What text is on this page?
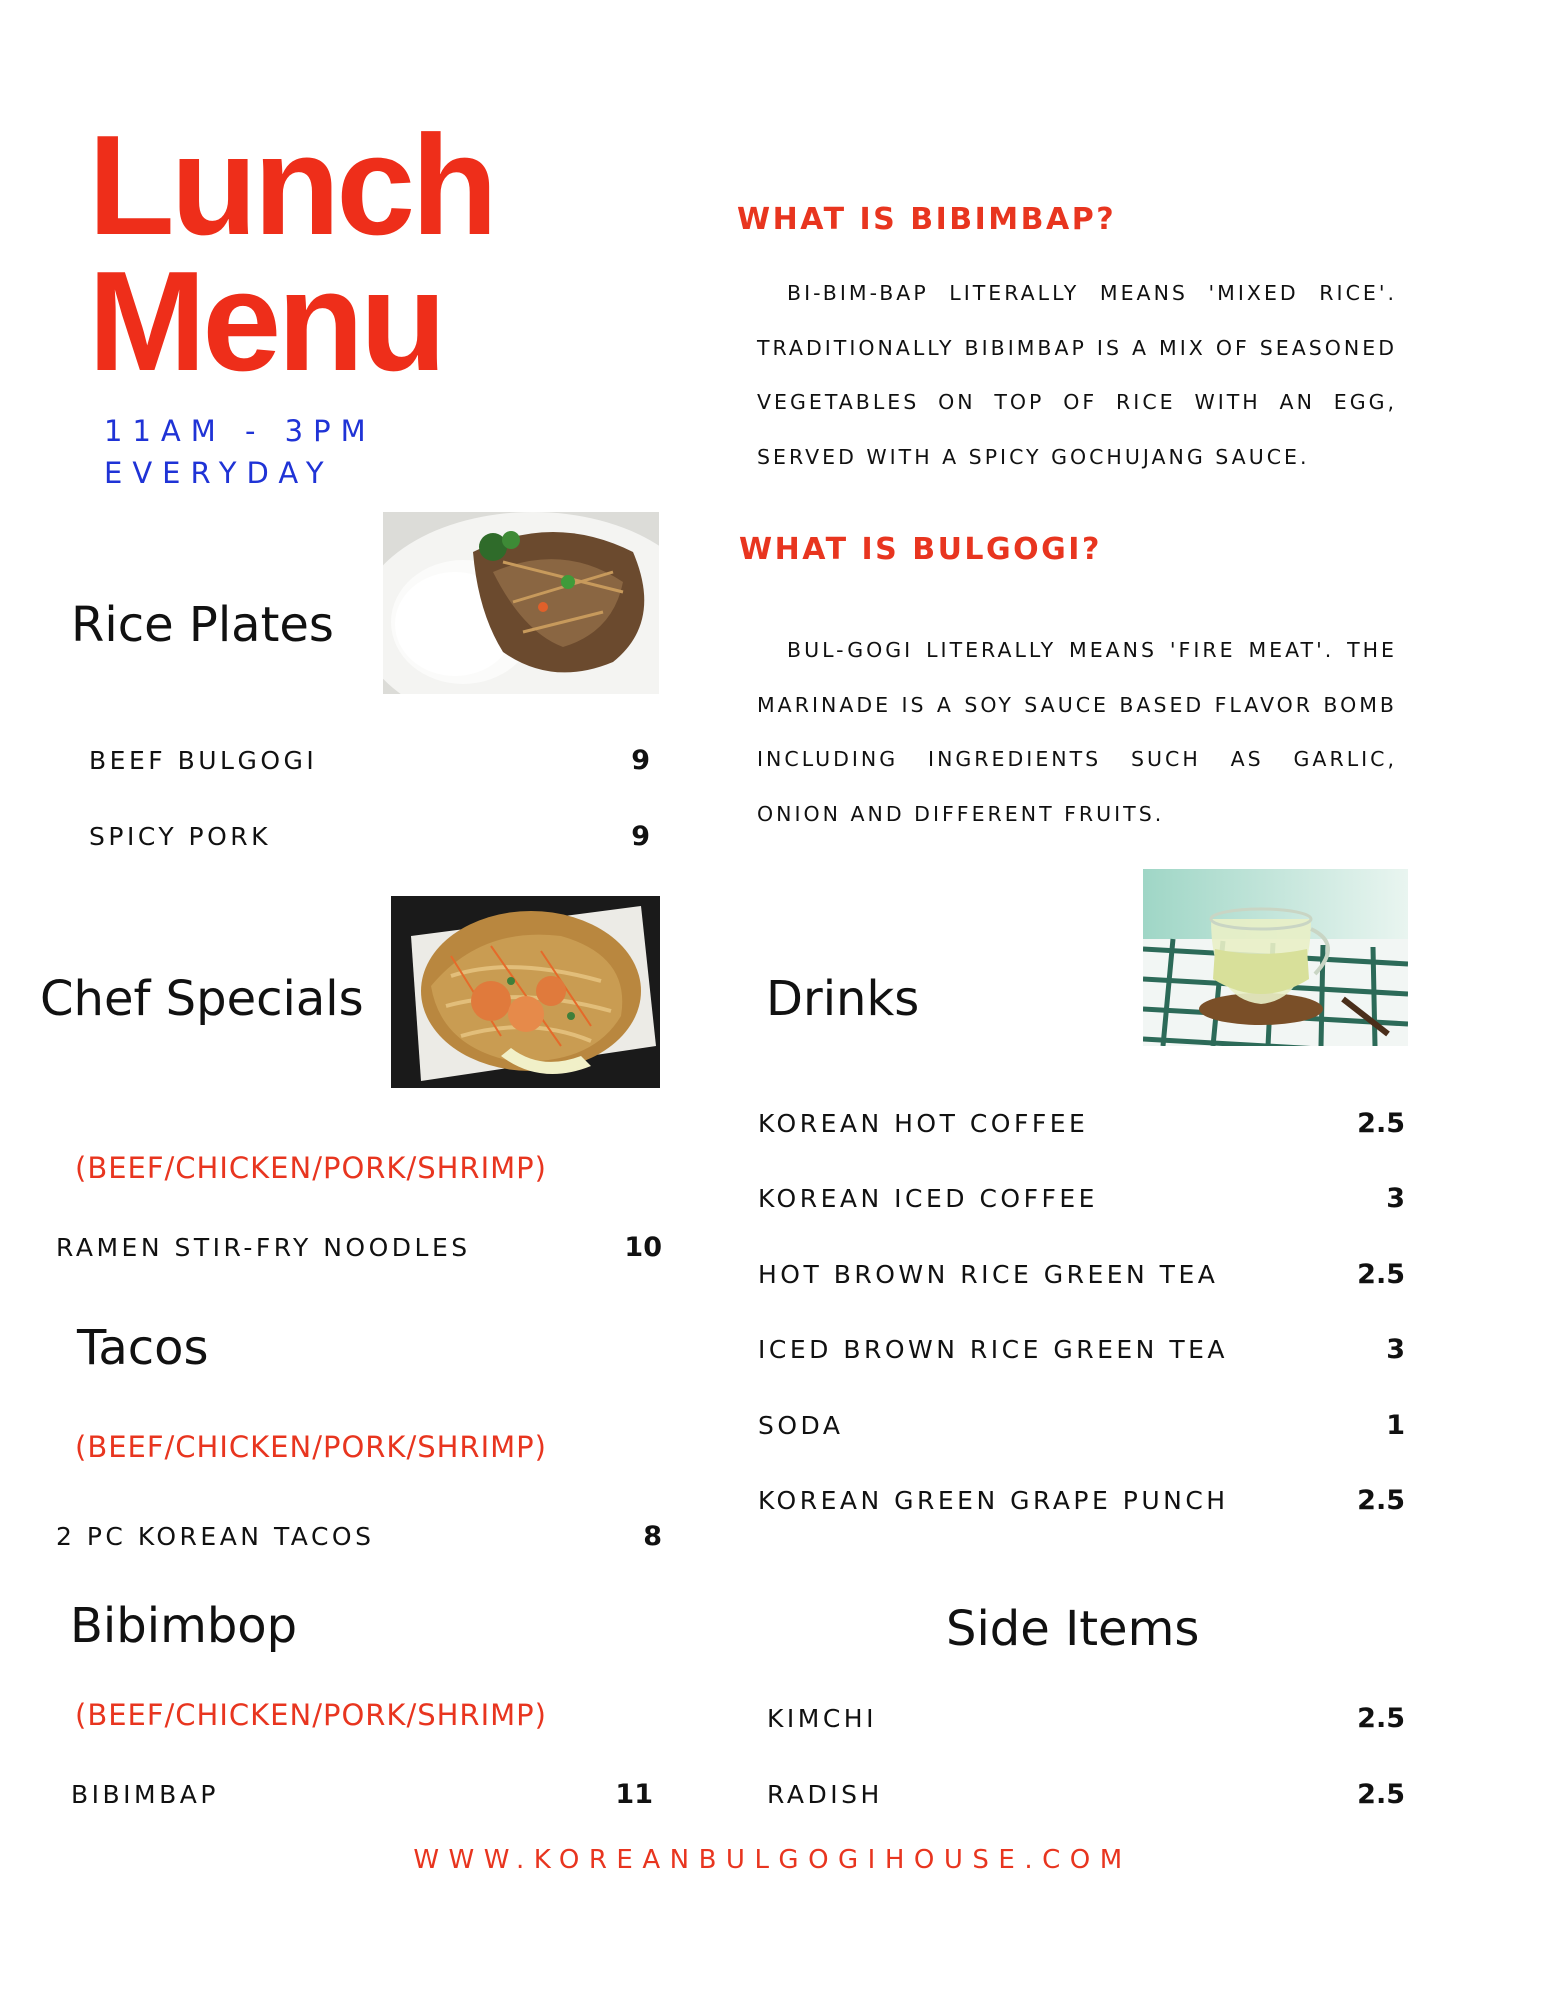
Lunch
Menu
11AM - 3PM
EVERYDAY
Rice Plates
BEEF BULGOGI	9
SPICY PORK	9
Chef Specials
(BEEF/CHICKEN/PORK/SHRIMP)
RAMEN STIR-FRY NOODLES	10
Tacos
(BEEF/CHICKEN/PORK/SHRIMP)
2 PC KOREAN TACOS	8
Bibimbop
(BEEF/CHICKEN/PORK/SHRIMP)
BIBIMBAP	11
WHAT IS BIBIMBAP?

BI-BIM-BAP LITERALLY MEANS 'MIXED RICE'. TRADITIONALLY BIBIMBAP IS A MIX OF SEASONED VEGETABLES ON TOP OF RICE WITH AN EGG, SERVED WITH A SPICY GOCHUJANG SAUCE.

WHAT IS BULGOGI?

BUL-GOGI LITERALLY MEANS 'FIRE MEAT'. THE MARINADE IS A SOY SAUCE BASED FLAVOR BOMB INCLUDING INGREDIENTS SUCH AS GARLIC, ONION AND DIFFERENT FRUITS.

Drinks
KOREAN HOT COFFEE	2.5
KOREAN ICED COFFEE	3
HOT BROWN RICE GREEN TEA	2.5
ICED BROWN RICE GREEN TEA	3
SODA	1
KOREAN GREEN GRAPE PUNCH	2.5
Side Items
KIMCHI	2.5
RADISH	2.5
WWW.KOREANBULGOGIHOUSE.COM
